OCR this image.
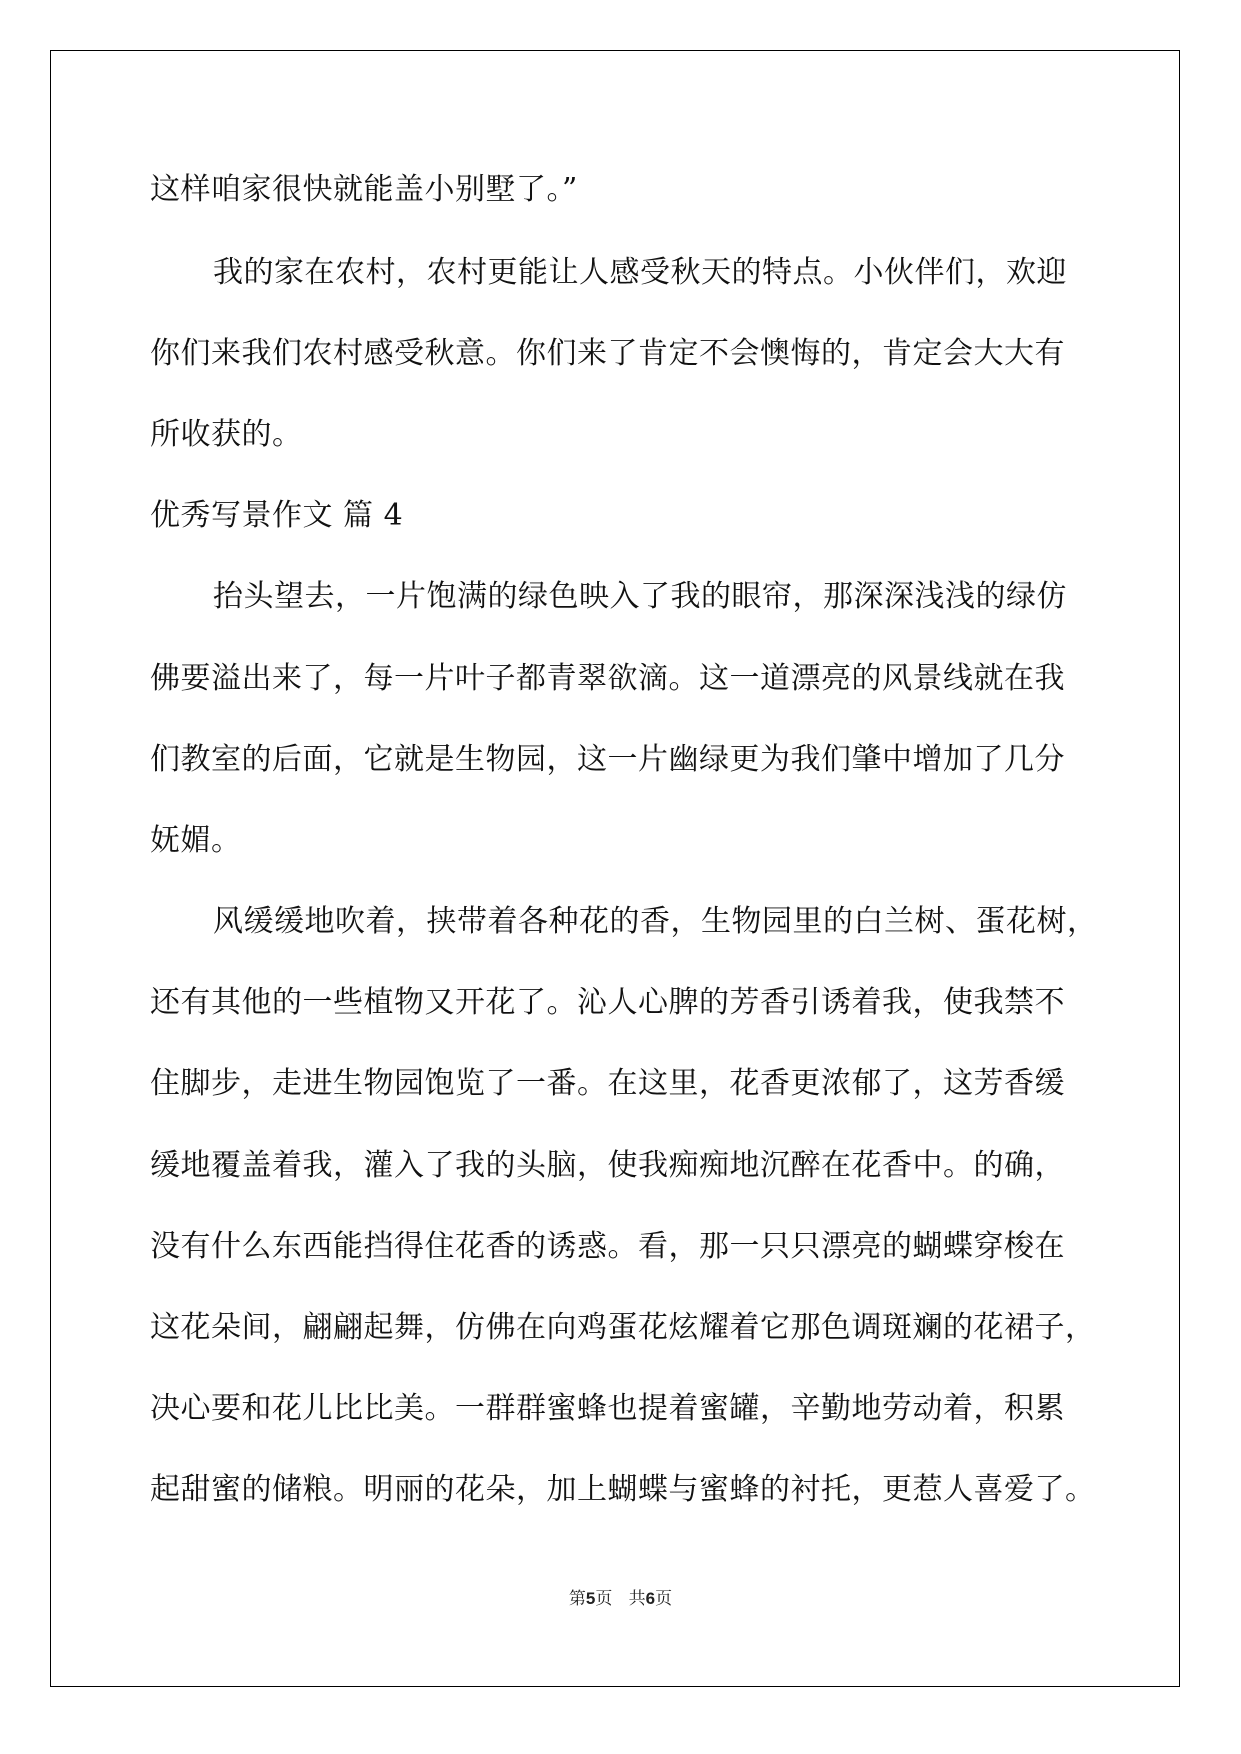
这样咱家很快就能盖小别墅了。”
我的家在农村，农村更能让人感受秋天的特点。小伙伴们，欢迎
你们来我们农村感受秋意。你们来了肯定不会懊悔的，肯定会大大有
所收获的。
优秀写景作文 篇 4
抬头望去，一片饱满的绿色映入了我的眼帘，那深深浅浅的绿仿
佛要溢出来了，每一片叶子都青翠欲滴。这一道漂亮的风景线就在我
们教室的后面，它就是生物园，这一片幽绿更为我们肇中增加了几分
妩媚。
风缓缓地吹着，挟带着各种花的香，生物园里的白兰树、蛋花树，
还有其他的一些植物又开花了。沁人心脾的芳香引诱着我，使我禁不
住脚步，走进生物园饱览了一番。在这里，花香更浓郁了，这芳香缓
缓地覆盖着我，灌入了我的头脑，使我痴痴地沉醉在花香中。的确，
没有什么东西能挡得住花香的诱惑。看，那一只只漂亮的蝴蝶穿梭在
这花朵间，翩翩起舞，仿佛在向鸡蛋花炫耀着它那色调斑斓的花裙子，
决心要和花儿比比美。一群群蜜蜂也提着蜜罐，辛勤地劳动着，积累
起甜蜜的储粮。明丽的花朵，加上蝴蝶与蜜蜂的衬托，更惹人喜爱了。
第5页   共6页
